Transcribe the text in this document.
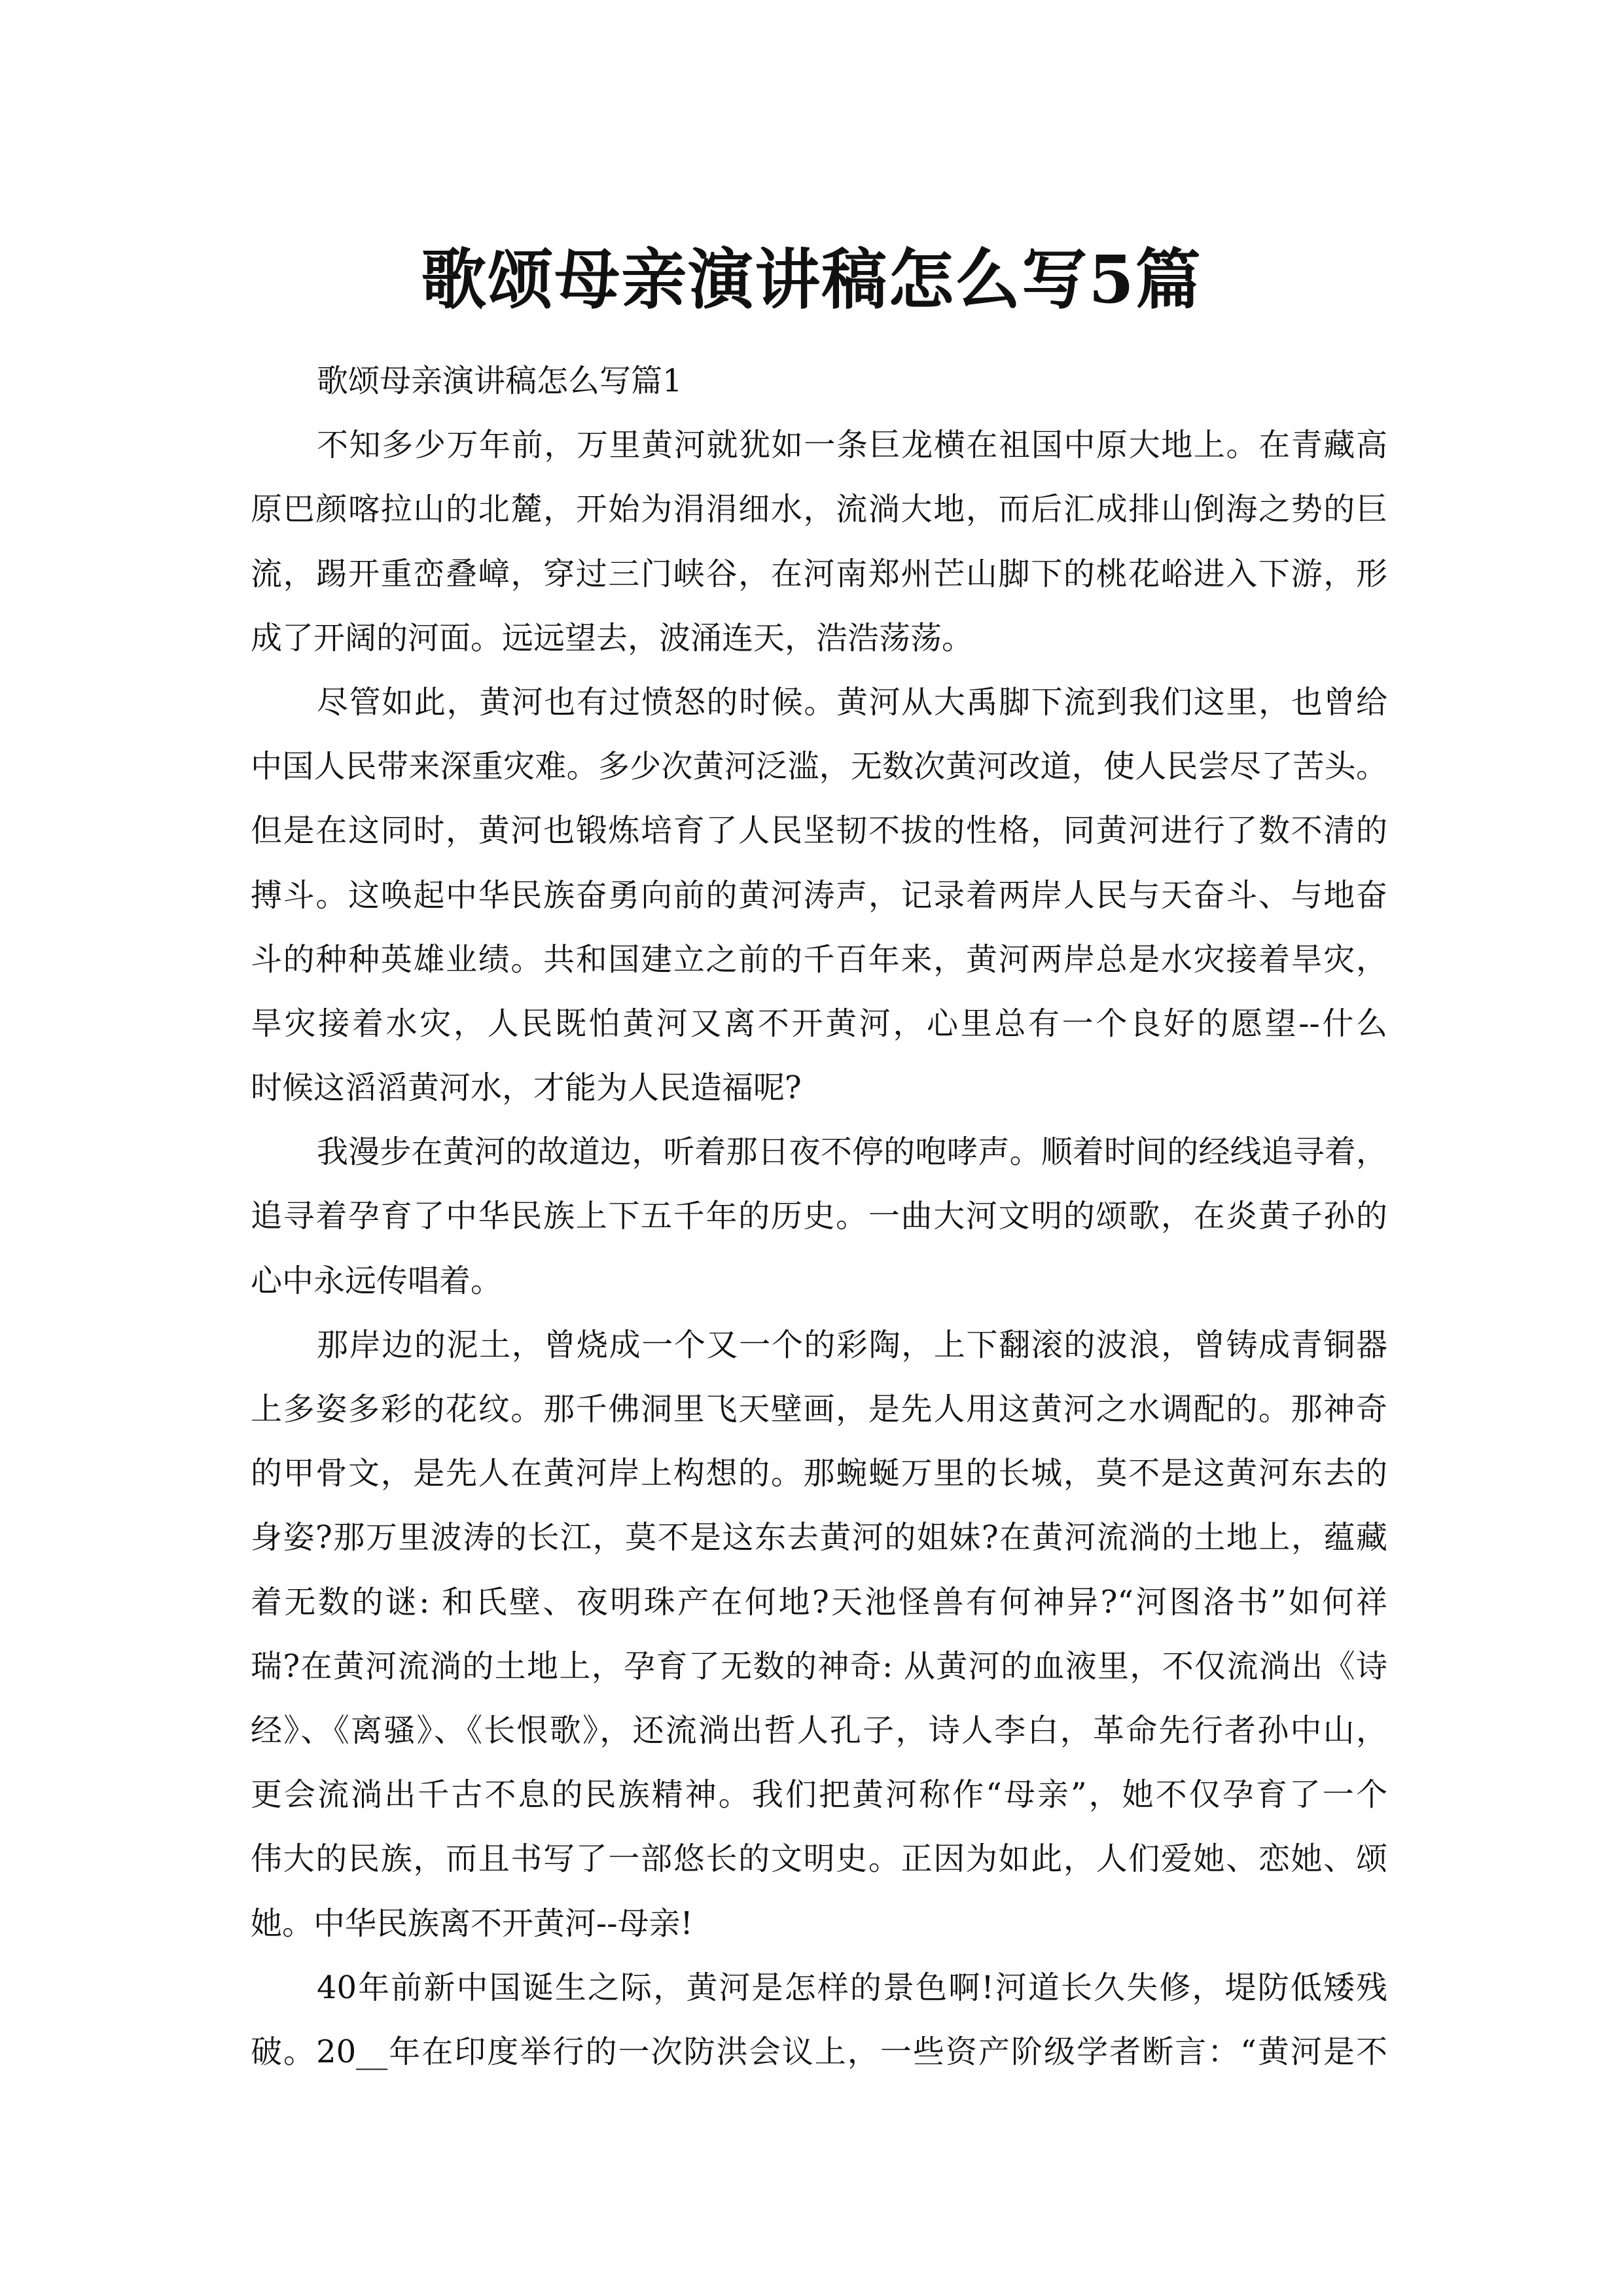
歌颂母亲演讲稿怎么写5篇
歌颂母亲演讲稿怎么写篇1
不知多少万年前，万里黄河就犹如一条巨龙横在祖国中原大地上。在青藏高
原巴颜喀拉山的北麓，开始为涓涓细水，流淌大地，而后汇成排山倒海之势的巨
流，踢开重峦叠嶂，穿过三门峡谷，在河南郑州芒山脚下的桃花峪进入下游，形
成了开阔的河面。远远望去，波涌连天，浩浩荡荡。
尽管如此，黄河也有过愤怒的时候。黄河从大禹脚下流到我们这里，也曾给
中国人民带来深重灾难。多少次黄河泛滥，无数次黄河改道，使人民尝尽了苦头。
但是在这同时，黄河也锻炼培育了人民坚韧不拔的性格，同黄河进行了数不清的
搏斗。这唤起中华民族奋勇向前的黄河涛声，记录着两岸人民与天奋斗、与地奋
斗的种种英雄业绩。共和国建立之前的千百年来，黄河两岸总是水灾接着旱灾，
旱灾接着水灾，人民既怕黄河又离不开黄河，心里总有一个良好的愿望--什么
时候这滔滔黄河水，才能为人民造福呢?
我漫步在黄河的故道边，听着那日夜不停的咆哮声。顺着时间的经线追寻着，
追寻着孕育了中华民族上下五千年的历史。一曲大河文明的颂歌，在炎黄子孙的
心中永远传唱着。
那岸边的泥土，曾烧成一个又一个的彩陶，上下翻滚的波浪，曾铸成青铜器
上多姿多彩的花纹。那千佛洞里飞天壁画，是先人用这黄河之水调配的。那神奇
的甲骨文，是先人在黄河岸上构想的。那蜿蜒万里的长城，莫不是这黄河东去的
身姿?那万里波涛的长江，莫不是这东去黄河的姐妹?在黄河流淌的土地上，蕴藏
着无数的谜: 和氏壁、夜明珠产在何地?天池怪兽有何神异?“河图洛书”如何祥
瑞?在黄河流淌的土地上，孕育了无数的神奇: 从黄河的血液里，不仅流淌出《诗
经》、《离骚》、《长恨歌》，还流淌出哲人孔子，诗人李白，革命先行者孙中山，
更会流淌出千古不息的民族精神。我们把黄河称作“母亲”，她不仅孕育了一个
伟大的民族，而且书写了一部悠长的文明史。正因为如此，人们爱她、恋她、颂
她。中华民族离不开黄河--母亲!
40年前新中国诞生之际，黄河是怎样的景色啊!河道长久失修，堤防低矮残
破。20__年在印度举行的一次防洪会议上，一些资产阶级学者断言：“黄河是不
